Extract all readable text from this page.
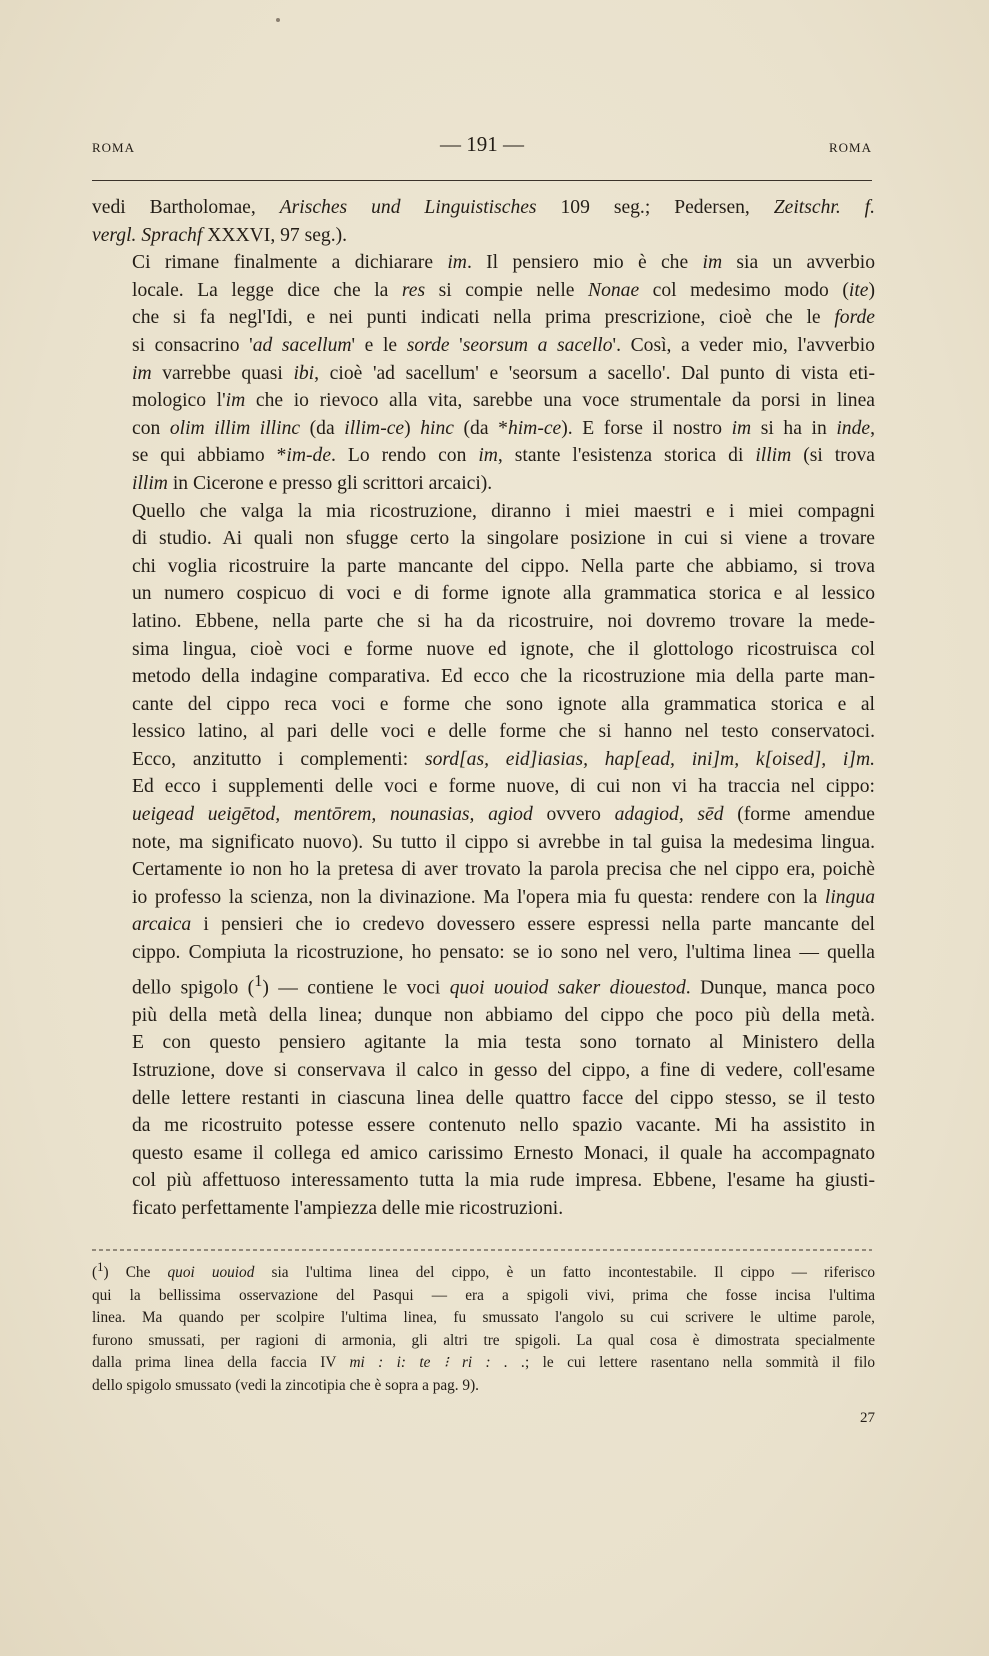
ROMA	— 191 —	ROMA

vedi Bartholomae, Arisches und Linguistisches 109 seg.; Pedersen, Zeitschr. f.
vergl. Sprachf XXXVI, 97 seg.).

Ci rimane finalmente a dichiarare im. Il pensiero mio è che im sia un avverbio
locale. La legge dice che la res si compie nelle Nonae col medesimo modo (ite)
che si fa negl'Idi, e nei punti indicati nella prima prescrizione, cioè che le forde
si consacrino 'ad sacellum' e le sorde 'seorsum a sacello'. Così, a veder mio, l'avverbio
im varrebbe quasi ibi, cioè 'ad sacellum' e 'seorsum a sacello'. Dal punto di vista eti-
mologico l'im che io rievoco alla vita, sarebbe una voce strumentale da porsi in linea
con olim illim illinc (da illim-ce) hinc (da *him-ce). E forse il nostro im si ha in inde,
se qui abbiamo *im-de. Lo rendo con im, stante l'esistenza storica di illim (si trova
illim in Cicerone e presso gli scrittori arcaici).

Quello che valga la mia ricostruzione, diranno i miei maestri e i miei compagni
di studio. Ai quali non sfugge certo la singolare posizione in cui si viene a trovare
chi voglia ricostruire la parte mancante del cippo. Nella parte che abbiamo, si trova
un numero cospicuo di voci e di forme ignote alla grammatica storica e al lessico
latino. Ebbene, nella parte che si ha da ricostruire, noi dovremo trovare la mede-
sima lingua, cioè voci e forme nuove ed ignote, che il glottologo ricostruisca col
metodo della indagine comparativa. Ed ecco che la ricostruzione mia della parte man-
cante del cippo reca voci e forme che sono ignote alla grammatica storica e al
lessico latino, al pari delle voci e delle forme che si hanno nel testo conservatoci.
Ecco, anzitutto i complementi: sord[as, eid]iasias, hap[ead, ini]m, k[oised], i]m.
Ed ecco i supplementi delle voci e forme nuove, di cui non vi ha traccia nel cippo:
ueigead ueigētod, mentōrem, nounasias, agiod ovvero adagiod, sēd (forme amendue
note, ma significato nuovo). Su tutto il cippo si avrebbe in tal guisa la medesima lingua.
Certamente io non ho la pretesa di aver trovato la parola precisa che nel cippo era, poichè
io professo la scienza, non la divinazione. Ma l'opera mia fu questa: rendere con la lingua
arcaica i pensieri che io credevo dovessero essere espressi nella parte mancante del
cippo. Compiuta la ricostruzione, ho pensato: se io sono nel vero, l'ultima linea — quella
dello spigolo ($^1$) — contiene le voci quoi uouiod saker diouestod. Dunque, manca poco
più della metà della linea; dunque non abbiamo del cippo che poco più della metà.
E con questo pensiero agitante la mia testa sono tornato al Ministero della
Istruzione, dove si conservava il calco in gesso del cippo, a fine di vedere, coll'esame
delle lettere restanti in ciascuna linea delle quattro facce del cippo stesso, se il testo
da me ricostruito potesse essere contenuto nello spazio vacante. Mi ha assistito in
questo esame il collega ed amico carissimo Ernesto Monaci, il quale ha accompagnato
col più affettuoso interessamento tutta la mia rude impresa. Ebbene, l'esame ha giusti-
ficato perfettamente l'ampiezza delle mie ricostruzioni.

($^1$) Che quoi uouiod sia l'ultima linea del cippo, è un fatto incontestabile. Il cippo — riferisco
qui la bellissima osservazione del Pasqui — era a spigoli vivi, prima che fosse incisa l'ultima
linea. Ma quando per scolpire l'ultima linea, fu smussato l'angolo su cui scrivere le ultime parole,
furono smussati, per ragioni di armonia, gli altri tre spigoli. La qual cosa è dimostrata specialmente
dalla prima linea della faccia IV mi : i: te ⁝ ri : . .; le cui lettere rasentano nella sommità il filo
dello spigolo smussato (vedi la zincotipia che è sopra a pag. 9).
27
